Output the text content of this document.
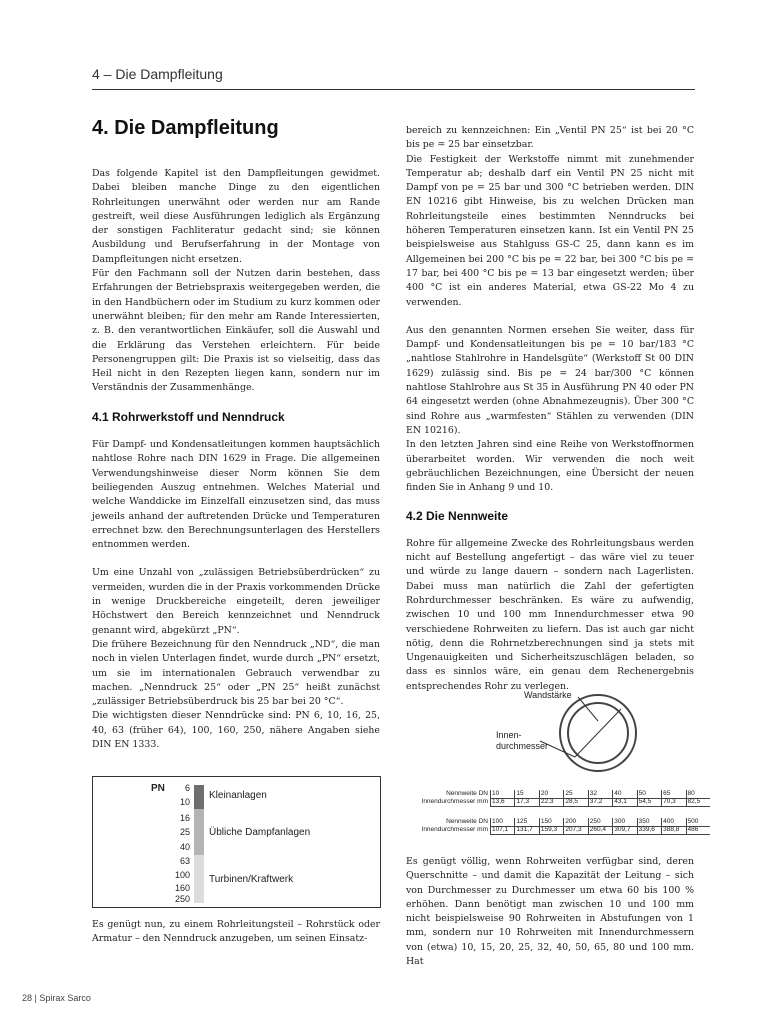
4 – Die Dampfleitung
4. Die Dampfleitung

Das folgende Kapitel ist den Dampfleitungen gewidmet. Dabei bleiben manche Dinge zu den eigentlichen Rohrleitungen unerwähnt oder werden nur am Rande gestreift, weil diese Ausführungen lediglich als Ergänzung der sonstigen Fachliteratur gedacht sind; sie können Ausbildung und Berufserfahrung in der Montage von Dampfleitungen nicht ersetzen.

Für den Fachmann soll der Nutzen darin bestehen, dass Erfahrungen der Betriebspraxis weitergegeben werden, die in den Handbüchern oder im Studium zu kurz kommen oder unerwähnt bleiben; für den mehr am Rande Interessierten, z. B. den verantwortlichen Einkäufer, soll die Auswahl und die Erklärung das Verstehen erleichtern. Für beide Personengruppen gilt: Die Praxis ist so vielseitig, dass das Heil nicht in den Rezepten liegen kann, sondern nur im Verständnis der Zusammenhänge.

4.1 Rohrwerkstoff und Nenndruck

Für Dampf- und Kondensatleitungen kommen hauptsächlich nahtlose Rohre nach DIN 1629 in Frage. Die allgemeinen Verwendungshinweise dieser Norm können Sie dem beiliegenden Auszug entnehmen. Welches Material und welche Wanddicke im Einzelfall einzusetzen sind, das muss jeweils anhand der auftretenden Drücke und Temperaturen errechnet bzw. den Berechnungsunterlagen des Herstellers entnommen werden.

Um eine Unzahl von „zulässigen Betriebsüberdrücken“ zu vermeiden, wurden die in der Praxis vorkommenden Drücke in wenige Druckbereiche eingeteilt, deren jeweiliger Höchstwert den Bereich kennzeichnet und Nenndruck genannt wird, abgekürzt „PN“.

Die frühere Bezeichnung für den Nenndruck „ND“, die man noch in vielen Unterlagen findet, wurde durch „PN“ ersetzt, um sie im internationalen Gebrauch verwendbar zu machen. „Nenndruck 25“ oder „PN 25“ heißt zunächst „zulässiger Betriebsüberdruck bis 25 bar bei 20 °C“.

Die wichtigsten dieser Nenndrücke sind: PN 6, 10, 16, 25, 40, 63 (früher 64), 100, 160, 250, nähere Angaben siehe DIN EN 1333.

PN	6
10
16
25
40
63
100
160
250
Kleinanlagen
Übliche Dampfanlagen
Turbinen/Kraftwerk

Es genügt nun, zu einem Rohrleitungsteil – Rohrstück oder Armatur – den Nenndruck anzugeben, um seinen Einsatz-

bereich zu kennzeichnen: Ein „Ventil PN 25“ ist bei 20 °C bis pe = 25 bar einsetzbar.

Die Festigkeit der Werkstoffe nimmt mit zunehmender Temperatur ab; deshalb darf ein Ventil PN 25 nicht mit Dampf von pe = 25 bar und 300 °C betrieben werden. DIN EN 10216 gibt Hinweise, bis zu welchen Drücken man Rohrleitungsteile eines bestimmten Nenndrucks bei höheren Temperaturen einsetzen kann. Ist ein Ventil PN 25 beispielsweise aus Stahlguss GS-C 25, dann kann es im Allgemeinen bei 200 °C bis pe = 22 bar, bei 300 °C bis pe = 17 bar, bei 400 °C bis pe = 13 bar eingesetzt werden; über 400 °C ist ein anderes Material, etwa GS-22 Mo 4 zu verwenden.

Aus den genannten Normen ersehen Sie weiter, dass für Dampf- und Kondensatleitungen bis pe = 10 bar/183 °C „nahtlose Stahlrohre in Handelsgüte“ (Werkstoff St 00 DIN 1629) zulässig sind. Bis pe = 24 bar/300 °C können nahtlose Stahlrohre aus St 35 in Ausführung PN 40 oder PN 64 eingesetzt werden (ohne Abnahmezeugnis). Über 300 °C sind Rohre aus „warmfesten“ Stählen zu verwenden (DIN EN 10216).

In den letzten Jahren sind eine Reihe von Werkstoffnormen überarbeitet worden. Wir verwenden die noch weit gebräuchlichen Bezeichnungen, eine Übersicht der neuen finden Sie in Anhang 9 und 10.

4.2 Die Nennweite

Rohre für allgemeine Zwecke des Rohrleitungsbaus werden nicht auf Bestellung angefertigt – das wäre viel zu teuer und würde zu lange dauern – sondern nach Lagerlisten. Dabei muss man natürlich die Zahl der gefertigten Rohrdurchmesser beschränken. Es wäre zu aufwendig, zwischen 10 und 100 mm Innendurchmesser etwa 90 verschiedene Rohrweiten zu liefern. Das ist auch gar nicht nötig, denn die Rohrnetzberechnungen sind ja stets mit Ungenauigkeiten und Sicherheitszuschlägen beladen, so dass es sinnlos wäre, ein genau dem Rechenergebnis entsprechendes Rohr zu verlegen.

Wandstärke
Innen-
durchmesser
Nennweite DN
Innendurchmesser mm
10	15	20	25	32	40	50	65	80
13,6	17,3	22,3	28,5	37,2	43,1	54,5	70,3	82,5
Nennweite DN
Innendurchmesser mm
100	125	150	200	250	300	350	400	500
107,1	131,7	159,3	207,3	260,4	309,7	339,6	388,8	486

Es genügt völlig, wenn Rohrweiten verfügbar sind, deren Querschnitte – und damit die Kapazität der Leitung – sich von Durchmesser zu Durchmesser um etwa 60 bis 100 % erhöhen. Dann benötigt man zwischen 10 und 100 mm nicht beispielsweise 90 Rohrweiten in Abstufungen von 1 mm, sondern nur 10 Rohrweiten mit Innendurchmessern von (etwa) 10, 15, 20, 25, 32, 40, 50, 65, 80 und 100 mm. Hat

28 | Spirax Sarco
